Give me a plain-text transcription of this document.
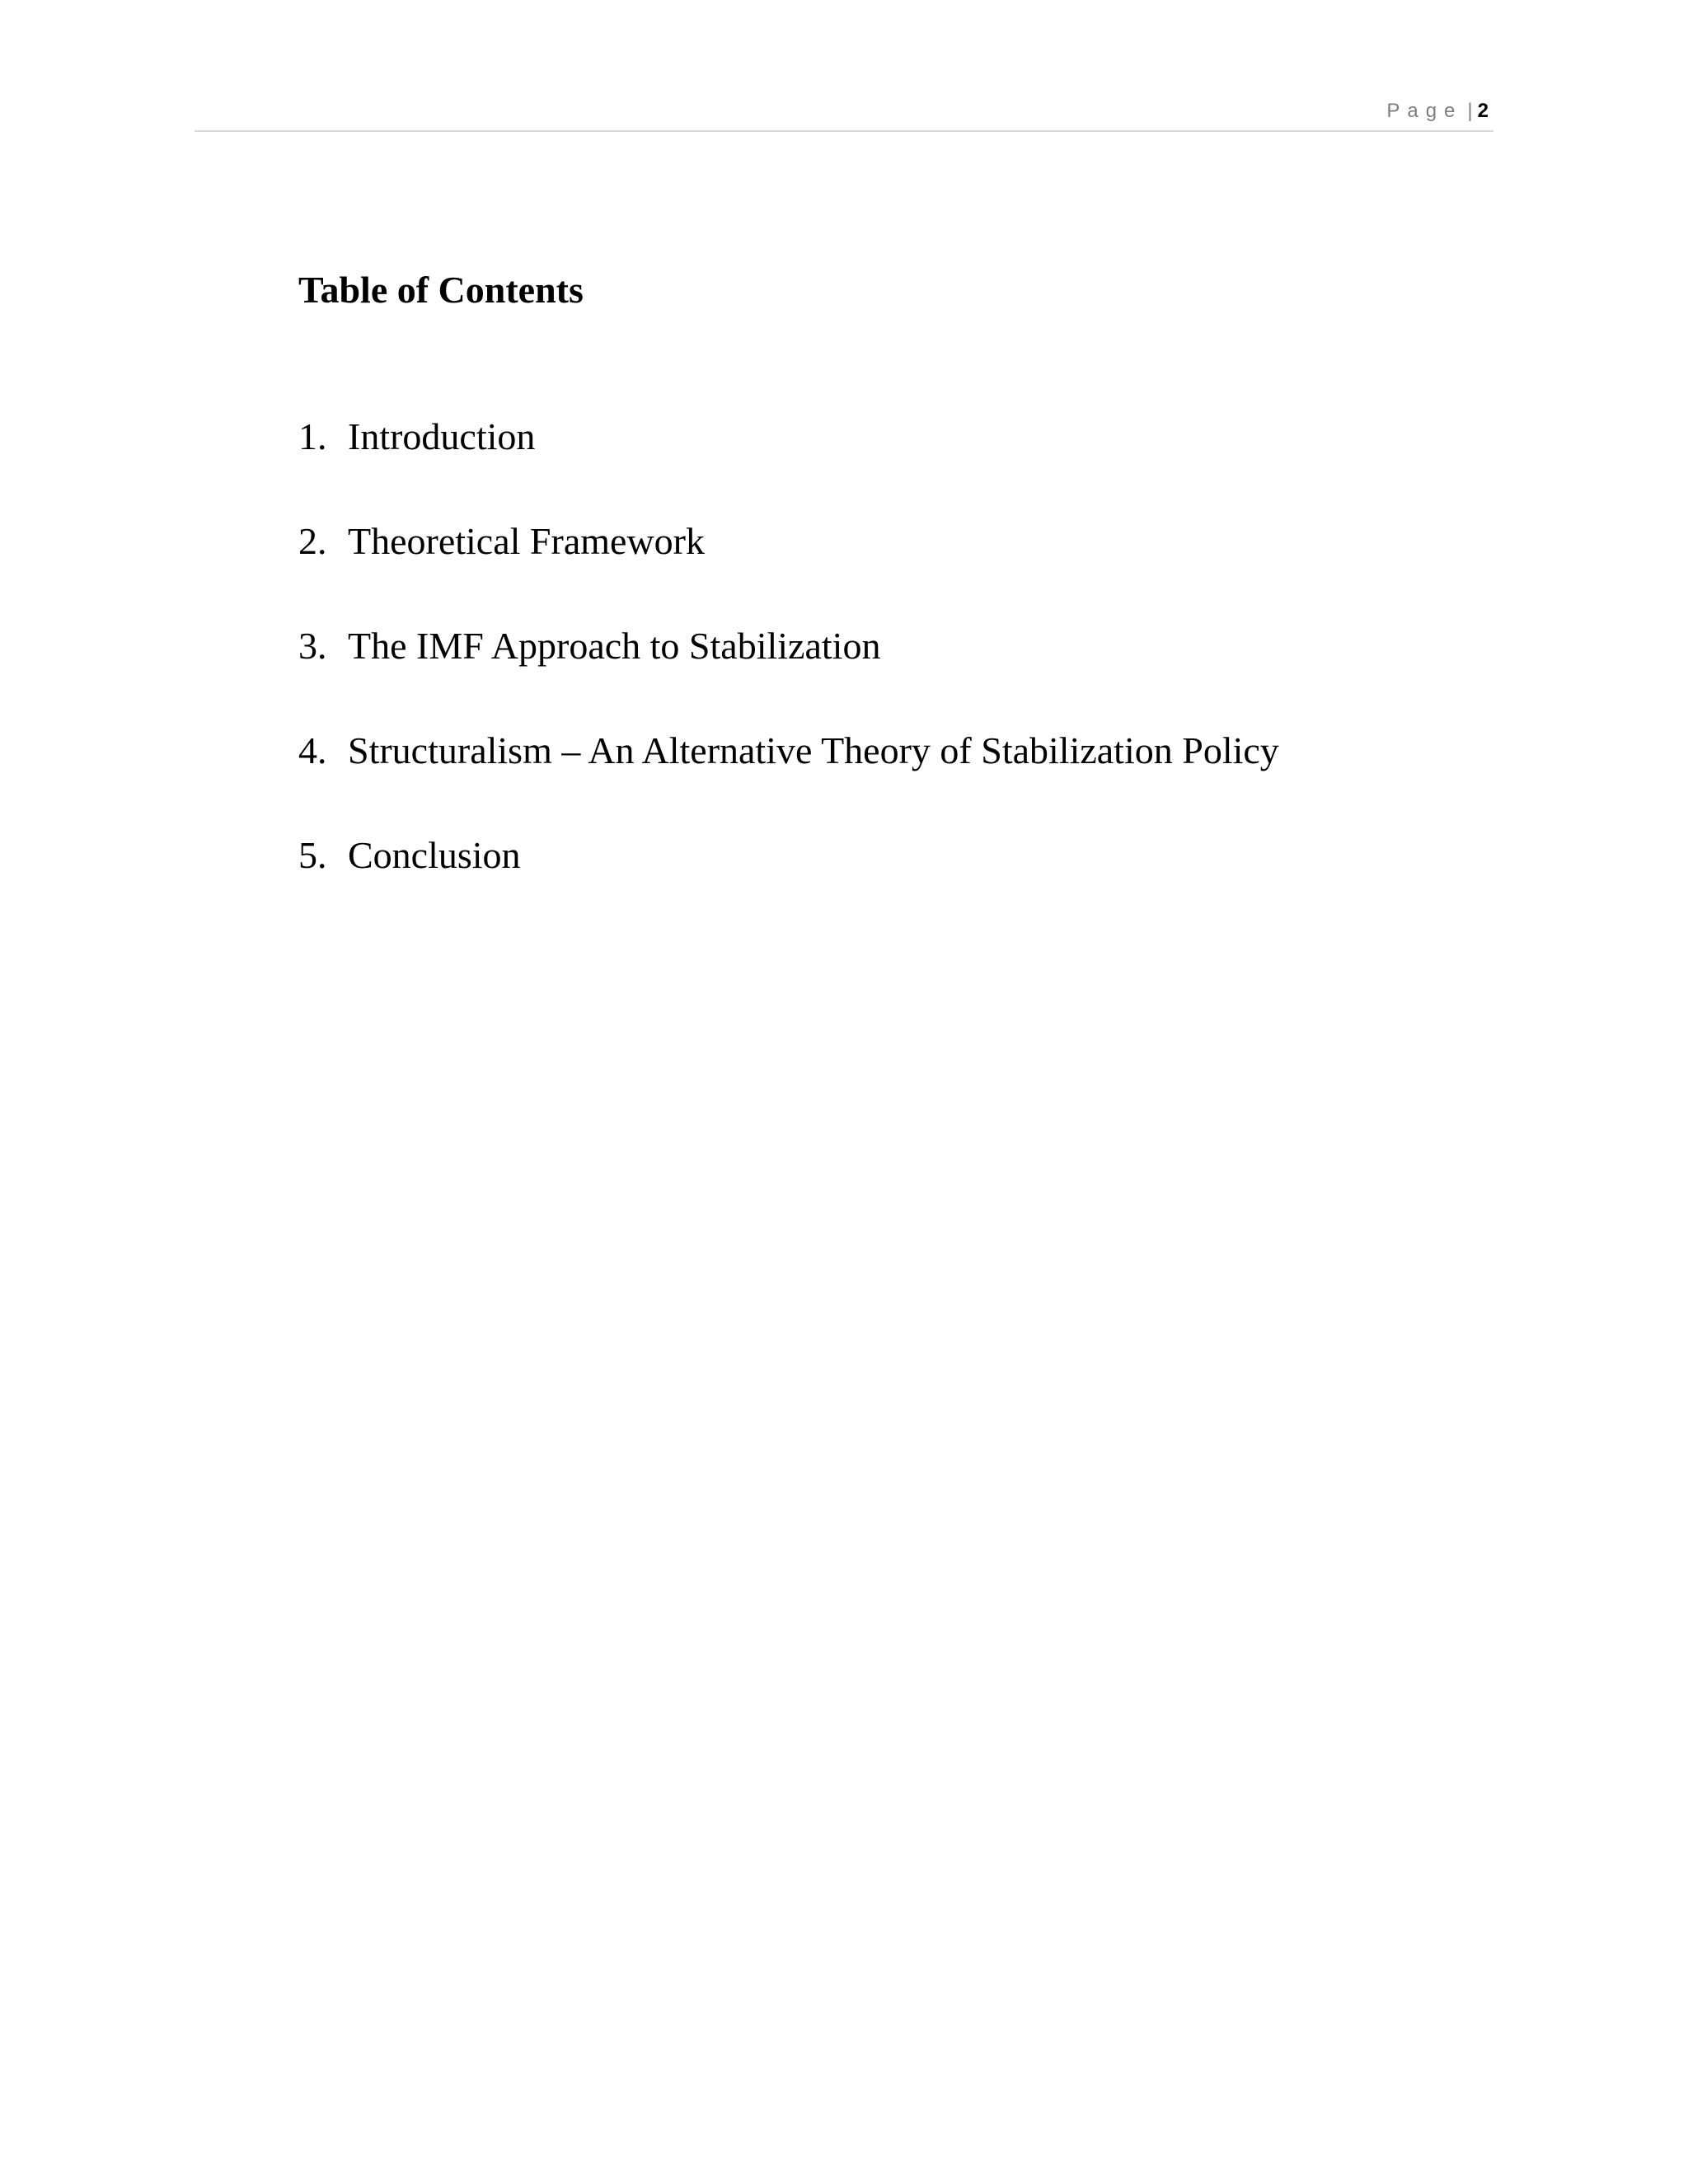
Page | 2
Table of Contents
1. Introduction
2. Theoretical Framework
3. The IMF Approach to Stabilization
4. Structuralism – An Alternative Theory of Stabilization Policy
5. Conclusion
